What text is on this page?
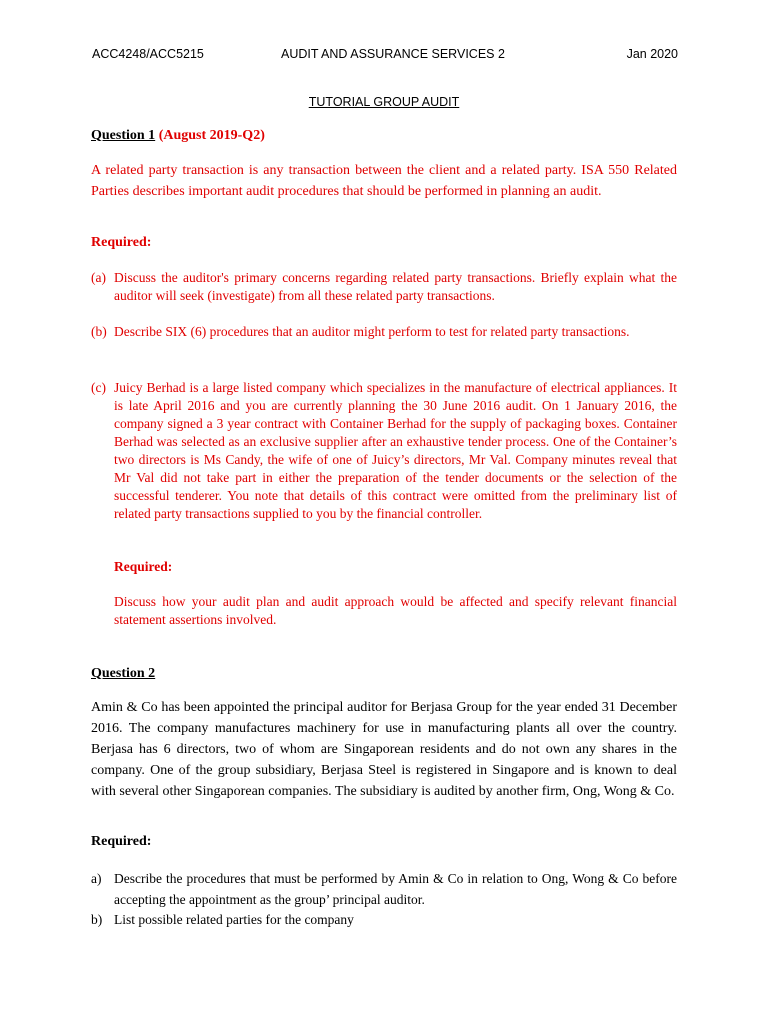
ACC4248/ACC5215	AUDIT AND ASSURANCE SERVICES 2	Jan 2020
TUTORIAL GROUP AUDIT
Question 1 (August 2019-Q2)
A related party transaction is any transaction between the client and a related party. ISA 550 Related Parties describes important audit procedures that should be performed in planning an audit.
Required:
(a) Discuss the auditor's primary concerns regarding related party transactions. Briefly explain what the auditor will seek (investigate) from all these related party transactions.
(b) Describe SIX (6) procedures that an auditor might perform to test for related party transactions.
(c) Juicy Berhad is a large listed company which specializes in the manufacture of electrical appliances. It is late April 2016 and you are currently planning the 30 June 2016 audit. On 1 January 2016, the company signed a 3 year contract with Container Berhad for the supply of packaging boxes. Container Berhad was selected as an exclusive supplier after an exhaustive tender process. One of the Container’s two directors is Ms Candy, the wife of one of Juicy’s directors, Mr Val. Company minutes reveal that Mr Val did not take part in either the preparation of the tender documents or the selection of the successful tenderer. You note that details of this contract were omitted from the preliminary list of related party transactions supplied to you by the financial controller.
Required:
Discuss how your audit plan and audit approach would be affected and specify relevant financial statement assertions involved.
Question 2
Amin & Co has been appointed the principal auditor for Berjasa Group for the year ended 31 December 2016. The company manufactures machinery for use in manufacturing plants all over the country. Berjasa has 6 directors, two of whom are Singaporean residents and do not own any shares in the company. One of the group subsidiary, Berjasa Steel is registered in Singapore and is known to deal with several other Singaporean companies. The subsidiary is audited by another firm, Ong, Wong & Co.
Required:
a) Describe the procedures that must be performed by Amin & Co in relation to Ong, Wong & Co before accepting the appointment as the group’ principal auditor.
b) List possible related parties for the company
